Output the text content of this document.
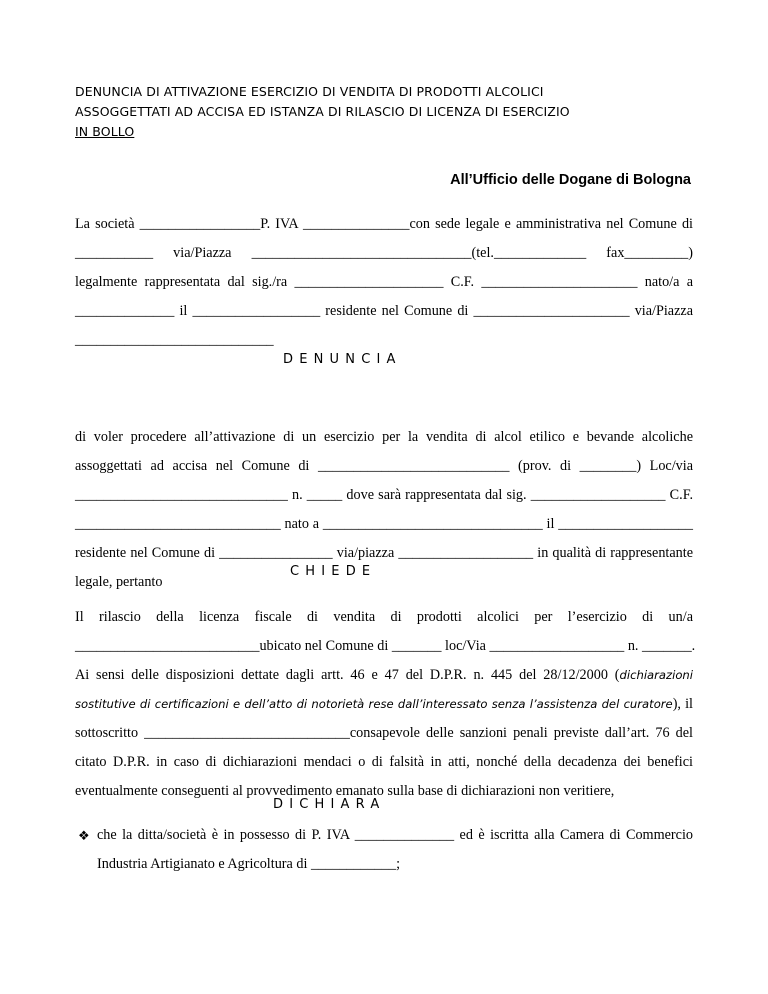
DENUNCIA DI ATTIVAZIONE ESERCIZIO DI VENDITA DI PRODOTTI ALCOLICI
ASSOGGETTATI AD ACCISA ED ISTANZA DI RILASCIO DI LICENZA DI ESERCIZIO
IN BOLLO
All’Ufficio delle Dogane di Bologna
La società _________________P. IVA _______________con sede legale e amministrativa nel Comune di
___________ via/Piazza _______________________________(tel._____________ fax_________)
legalmente rappresentata dal sig./ra _____________________ C.F. ______________________ nato/a a
______________ il __________________ residente nel Comune di ______________________ via/Piazza
____________________________
DENUNCIA
di voler procedere all’attivazione di un esercizio per la vendita di alcol etilico e bevande alcoliche
assoggettati ad accisa nel Comune di ___________________________ (prov. di ________) Loc/via
______________________________ n. _____ dove sarà rappresentata dal sig. ___________________ C.F.
_____________________________ nato a _______________________________ il ___________________
residente nel Comune di ________________ via/piazza ___________________ in qualità di rappresentante
legale, pertanto
CHIEDE
Il rilascio della licenza fiscale di vendita di prodotti alcolici per l’esercizio di un/a
__________________________ubicato nel Comune di _______ loc/Via ___________________ n. _______.
Ai sensi delle disposizioni dettate dagli artt. 46 e 47 del D.P.R. n. 445 del 28/12/2000 (dichiarazioni
sostitutive di certificazioni e dell’atto di notorietà rese dall’interessato senza l’assistenza del curatore), il
sottoscritto _____________________________consapevole delle sanzioni penali previste dall’art. 76 del
citato D.P.R. in caso di dichiarazioni mendaci o di falsità in atti, nonché della decadenza dei benefici
eventualmente conseguenti al provvedimento emanato sulla base di dichiarazioni non veritiere,
DICHIARA
❖ che la ditta/società è in possesso di P. IVA ______________ ed è iscritta alla Camera di Commercio
Industria Artigianato e Agricoltura di ____________;
